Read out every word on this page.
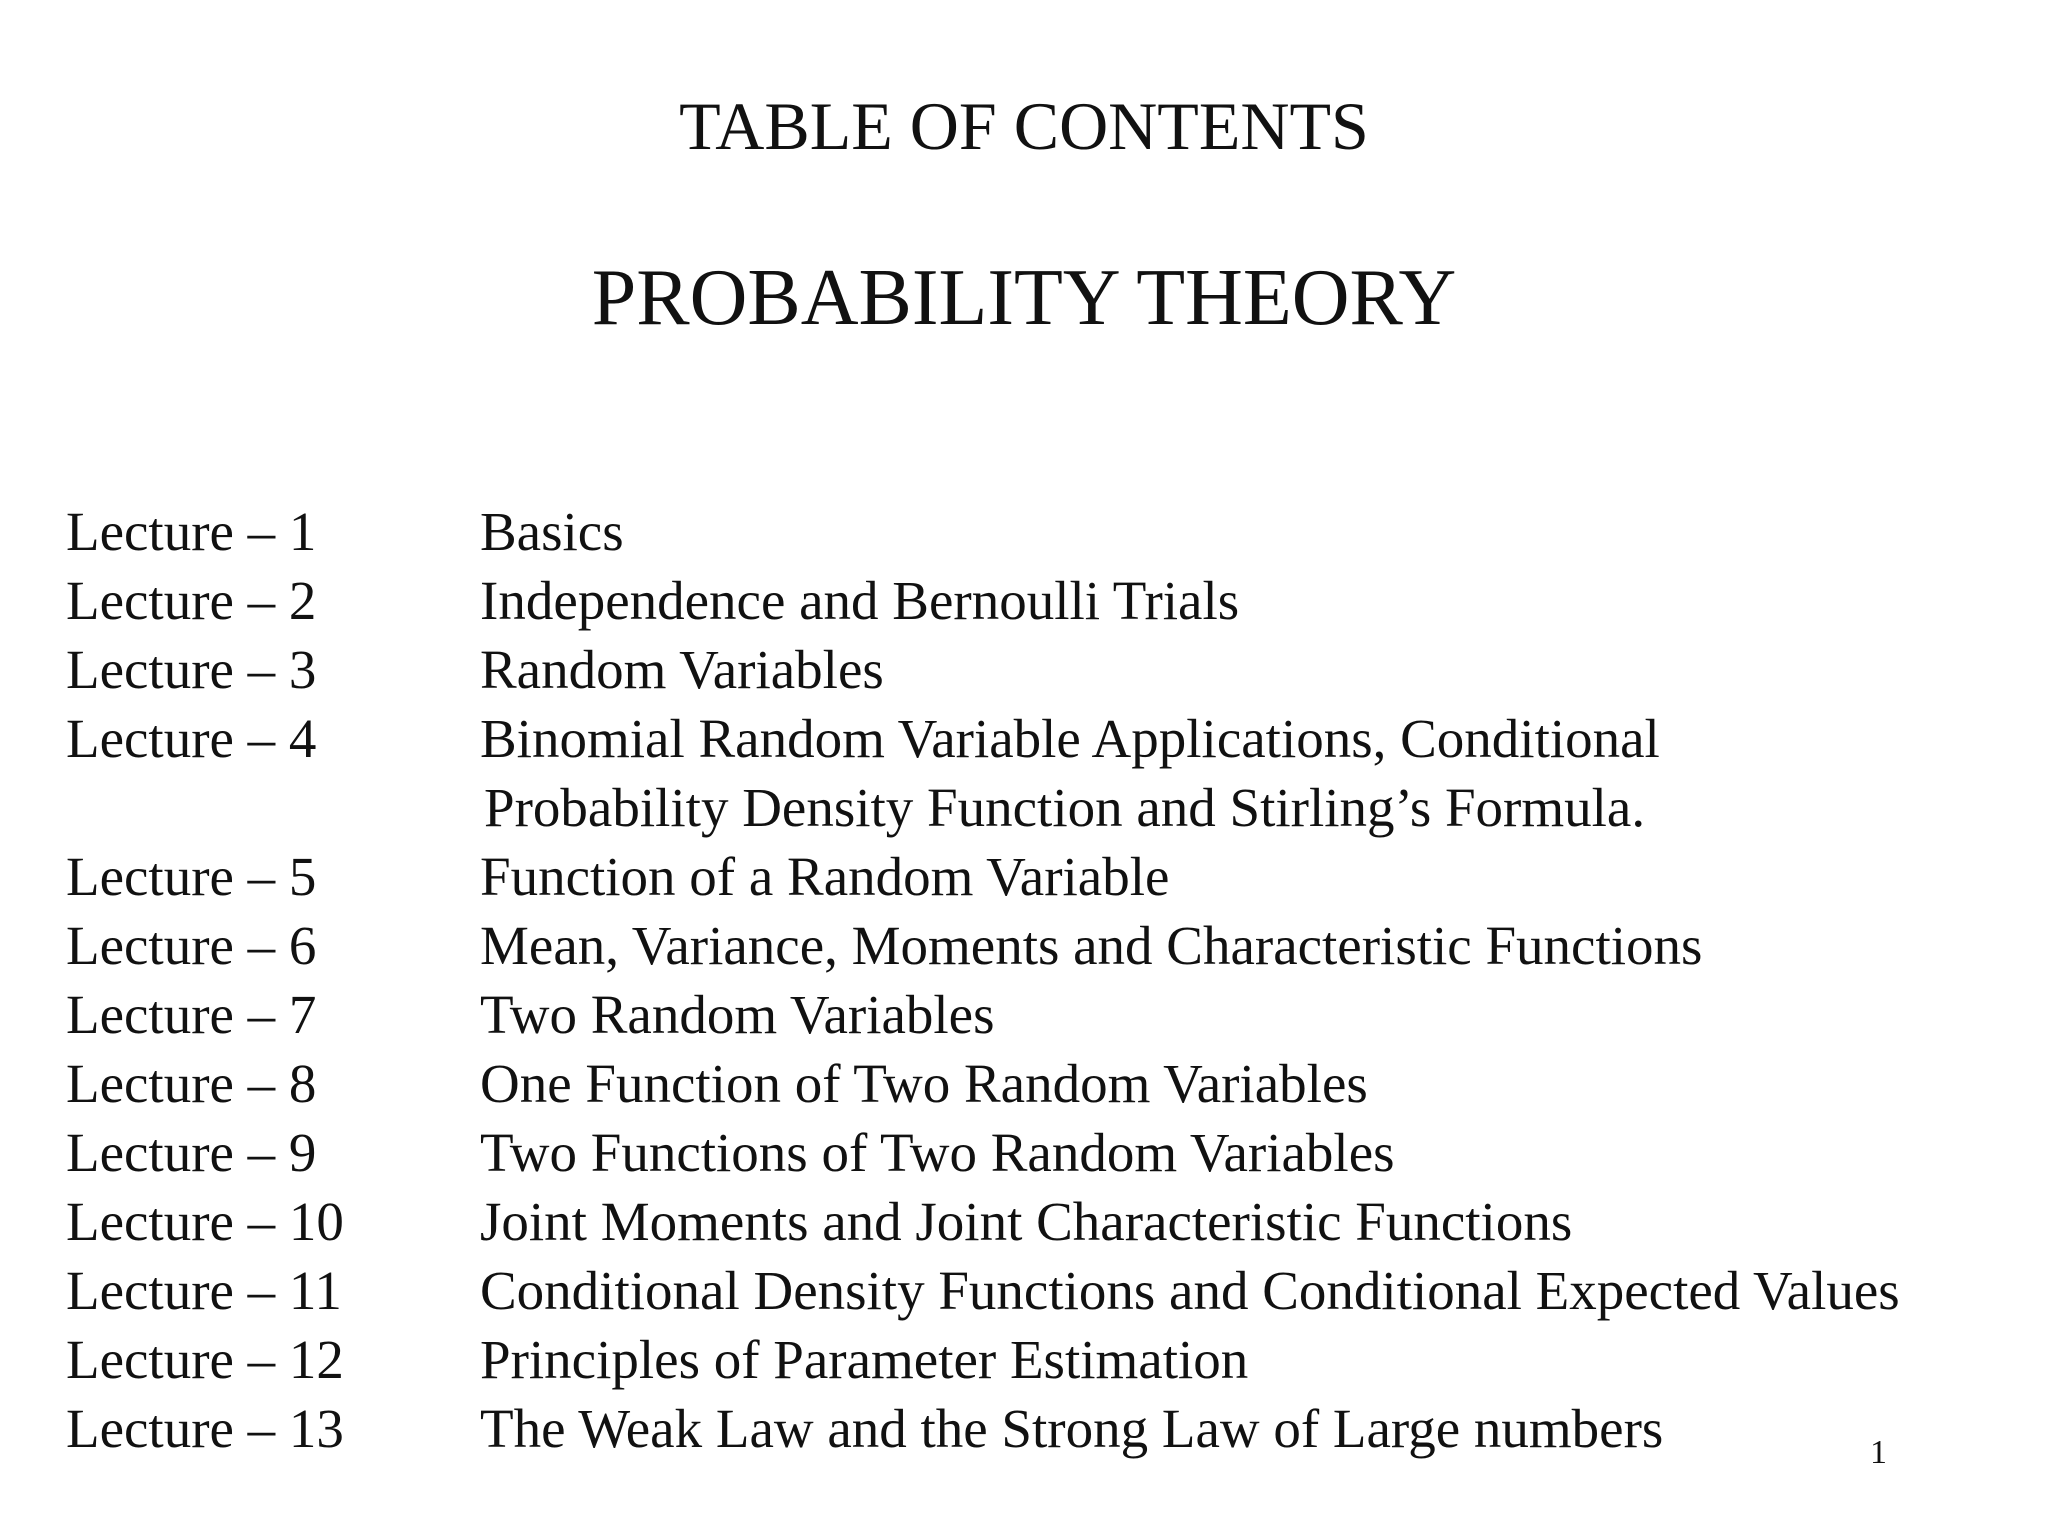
TABLE OF CONTENTS
PROBABILITY THEORY
Lecture – 1	Basics
Lecture – 2	Independence and Bernoulli Trials
Lecture – 3	Random Variables
Lecture – 4	Binomial Random Variable Applications, Conditional
Probability Density Function and Stirling’s Formula.
Lecture – 5	Function of a Random Variable
Lecture – 6	Mean, Variance, Moments and Characteristic Functions
Lecture – 7	Two Random Variables
Lecture – 8	One Function of Two Random Variables
Lecture – 9	Two Functions of Two Random Variables
Lecture – 10	Joint Moments and Joint Characteristic Functions
Lecture – 11	Conditional Density Functions and Conditional Expected Values
Lecture – 12	Principles of Parameter Estimation
Lecture – 13	The Weak Law and the Strong Law of Large numbers	1
